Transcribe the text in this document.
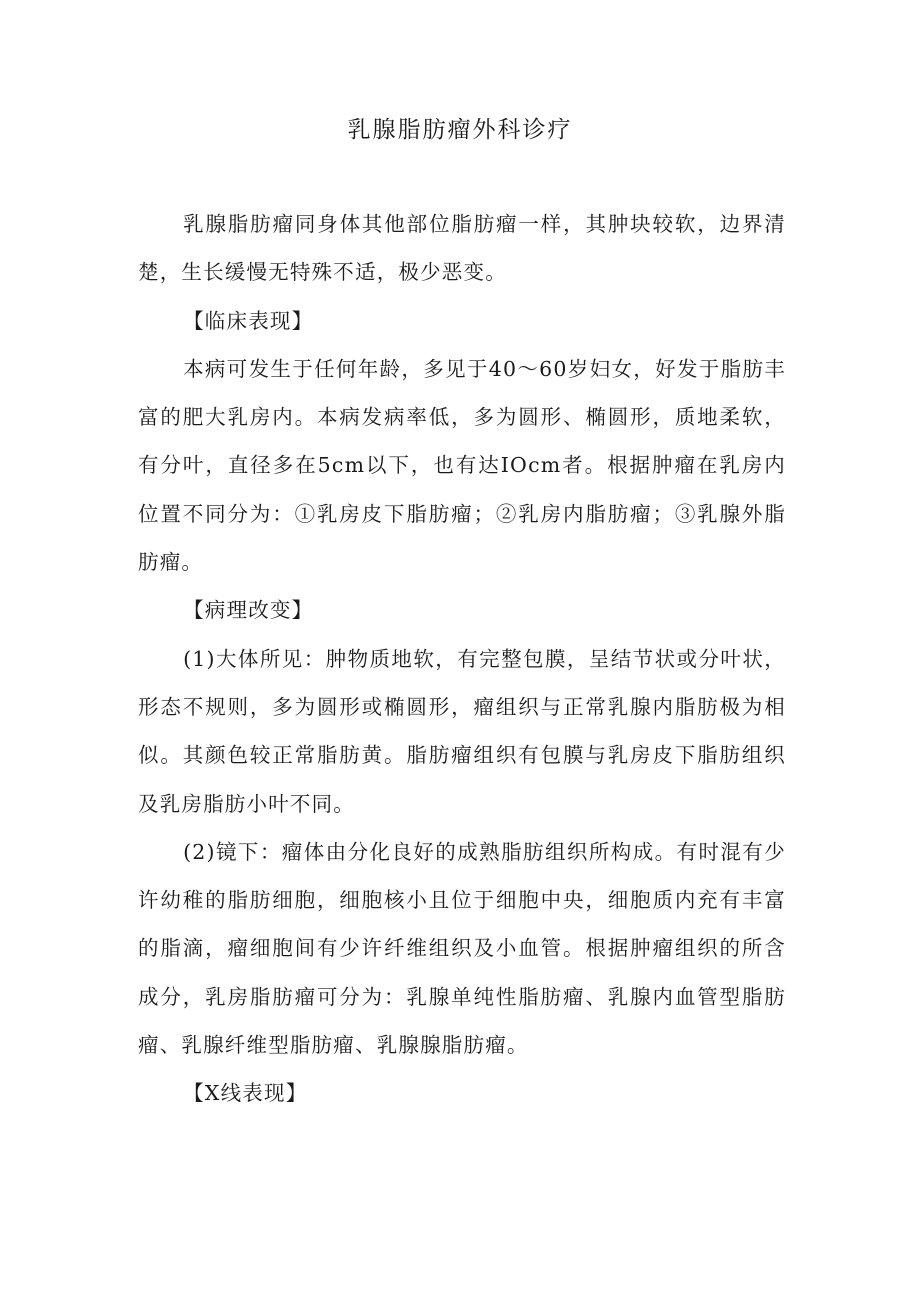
乳腺脂肪瘤外科诊疗

乳腺脂肪瘤同身体其他部位脂肪瘤一样，其肿块较软，边界清楚，生长缓慢无特殊不适，极少恶变。

【临床表现】

本病可发生于任何年龄，多见于40～60岁妇女，好发于脂肪丰富的肥大乳房内。本病发病率低，多为圆形、椭圆形，质地柔软，有分叶，直径多在5cm以下，也有达IOcm者。根据肿瘤在乳房内位置不同分为：①乳房皮下脂肪瘤；②乳房内脂肪瘤；③乳腺外脂肪瘤。

【病理改变】

(1)大体所见：肿物质地软，有完整包膜，呈结节状或分叶状，形态不规则，多为圆形或椭圆形，瘤组织与正常乳腺内脂肪极为相似。其颜色较正常脂肪黄。脂肪瘤组织有包膜与乳房皮下脂肪组织及乳房脂肪小叶不同。

(2)镜下：瘤体由分化良好的成熟脂肪组织所构成。有时混有少许幼稚的脂肪细胞，细胞核小且位于细胞中央，细胞质内充有丰富的脂滴，瘤细胞间有少许纤维组织及小血管。根据肿瘤组织的所含成分，乳房脂肪瘤可分为：乳腺单纯性脂肪瘤、乳腺内血管型脂肪瘤、乳腺纤维型脂肪瘤、乳腺腺脂肪瘤。

【X线表现】
